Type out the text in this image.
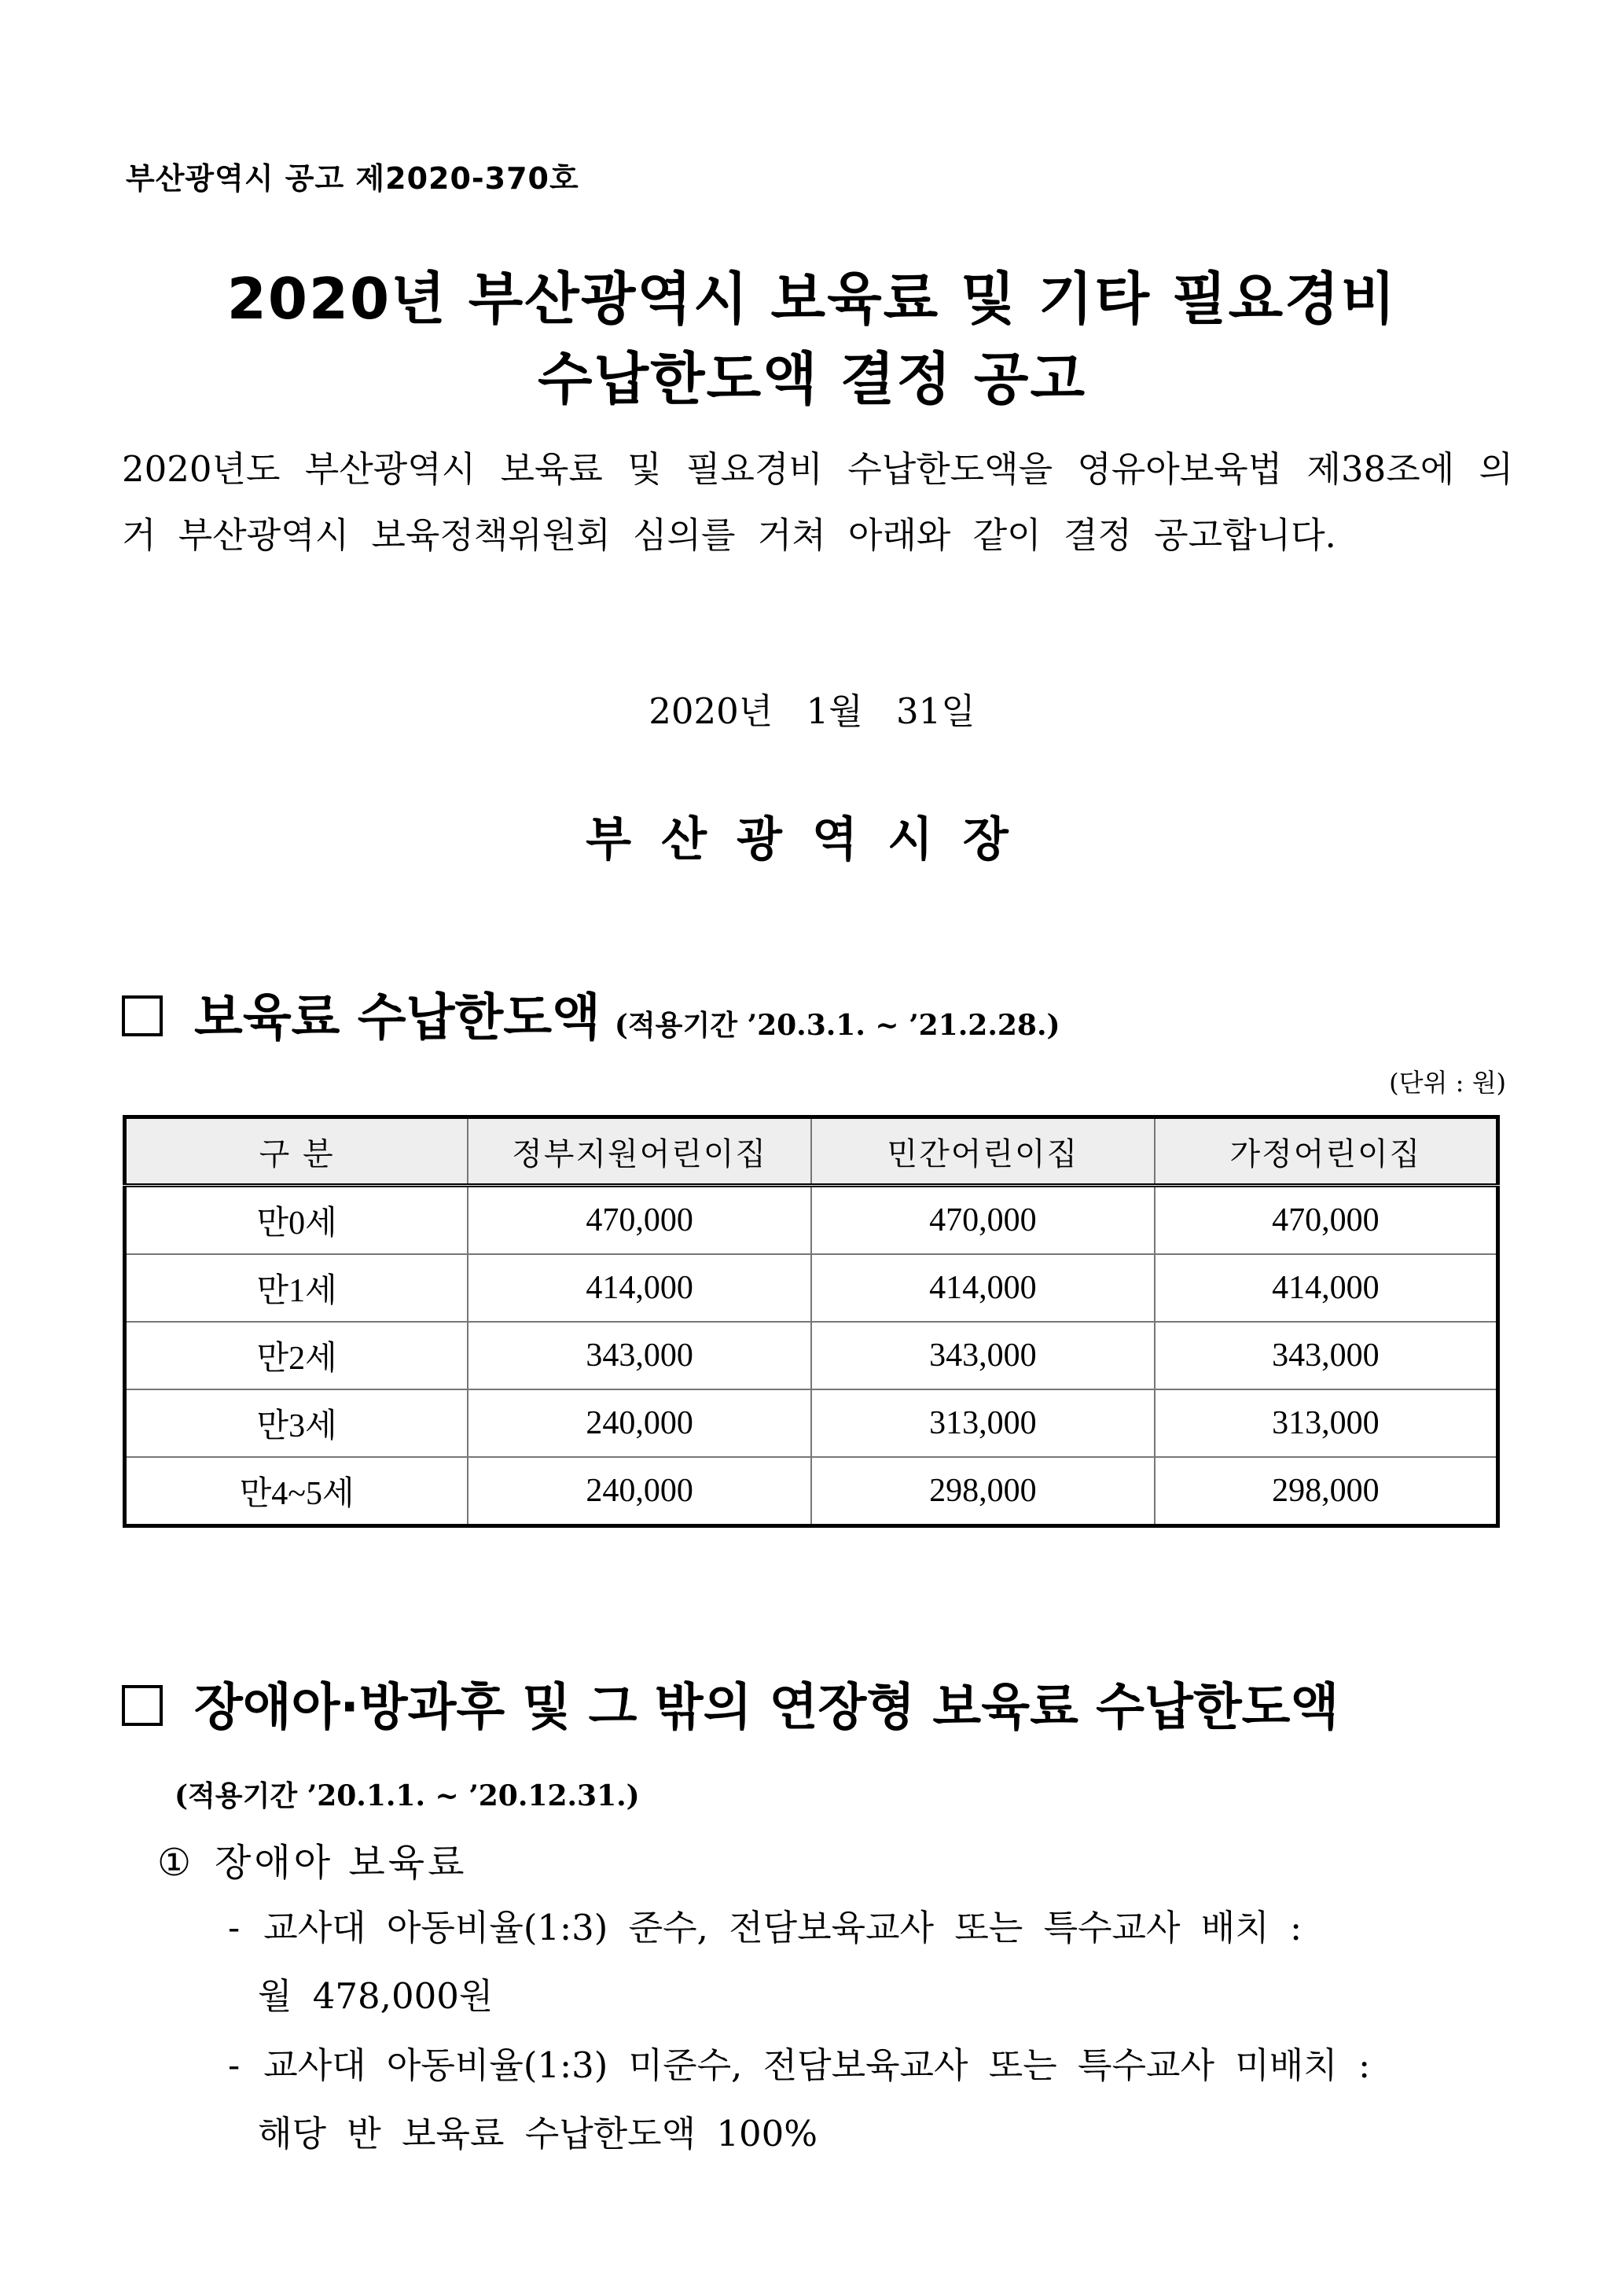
부산광역시 공고 제2020-370호
2020년 부산광역시 보육료 및 기타 필요경비
수납한도액 결정 공고
2020년도 부산광역시 보육료 및 필요경비 수납한도액을 영유아보육법 제38조에 의거 부산광역시 보육정책위원회 심의를 거쳐 아래와 같이 결정 공고합니다.
2020년 1월 31일
부산광역시장
보육료 수납한도액 (적용기간 ’20.3.1. ~ ’21.2.28.)
(단위 : 원)
구 분	정부지원어린이집	민간어린이집	가정어린이집
만0세	470,000	470,000	470,000
만1세	414,000	414,000	414,000
만2세	343,000	343,000	343,000
만3세	240,000	313,000	313,000
만4~5세	240,000	298,000	298,000
장애아·방과후 및 그 밖의 연장형 보육료 수납한도액
(적용기간 ’20.1.1. ~ ’20.12.31.)
① 장애아 보육료
- 교사대 아동비율(1:3) 준수, 전담보육교사 또는 특수교사 배치 :
월 478,000원
- 교사대 아동비율(1:3) 미준수, 전담보육교사 또는 특수교사 미배치 :
해당 반 보육료 수납한도액 100%
